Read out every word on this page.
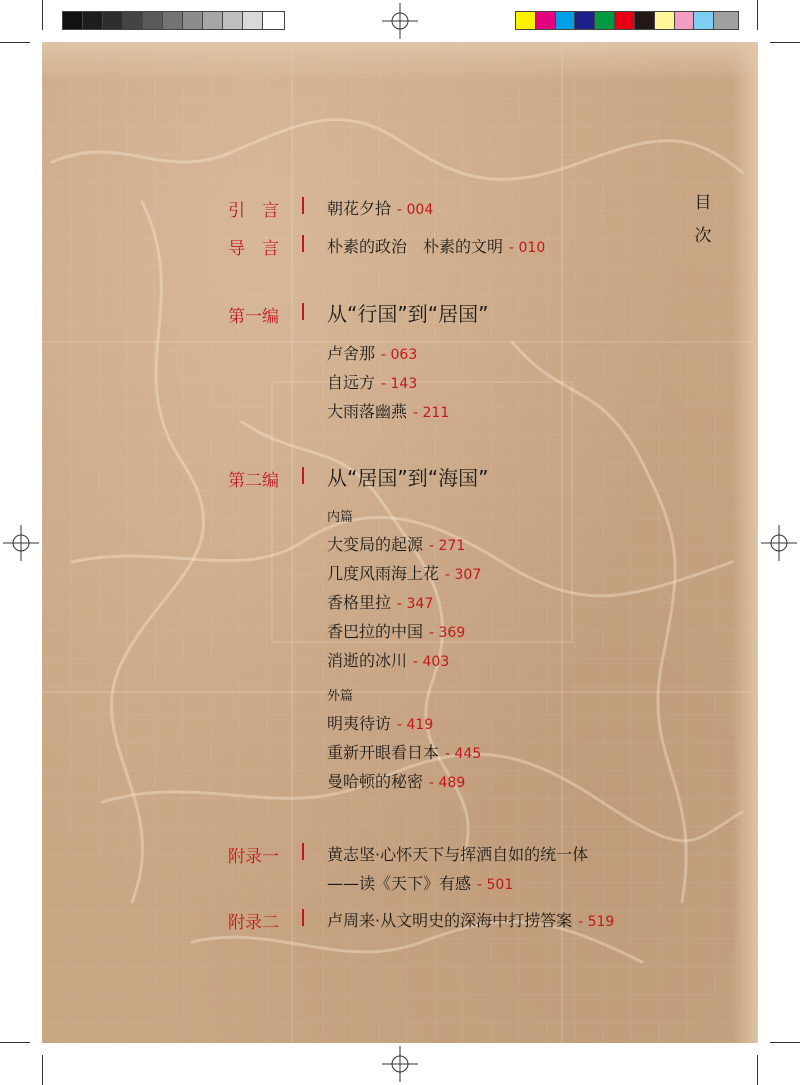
目
次
引　言	朝花夕拾 - 004
导　言	朴素的政治　朴素的文明 - 010
第一编 从“行国”到“居国”
卢舍那 - 063
自远方 - 143
大雨落幽燕 - 211
第二编 从“居国”到“海国”
内篇
大变局的起源 - 271
几度风雨海上花 - 307
香格里拉 - 347
香巴拉的中国 - 369
消逝的冰川 - 403
外篇
明夷待访 - 419
重新开眼看日本 - 445
曼哈顿的秘密 - 489
附录一	黄志坚·心怀天下与挥洒自如的统一体
——读《天下》有感 - 501
附录二	卢周来·从文明史的深海中打捞答案 - 519
